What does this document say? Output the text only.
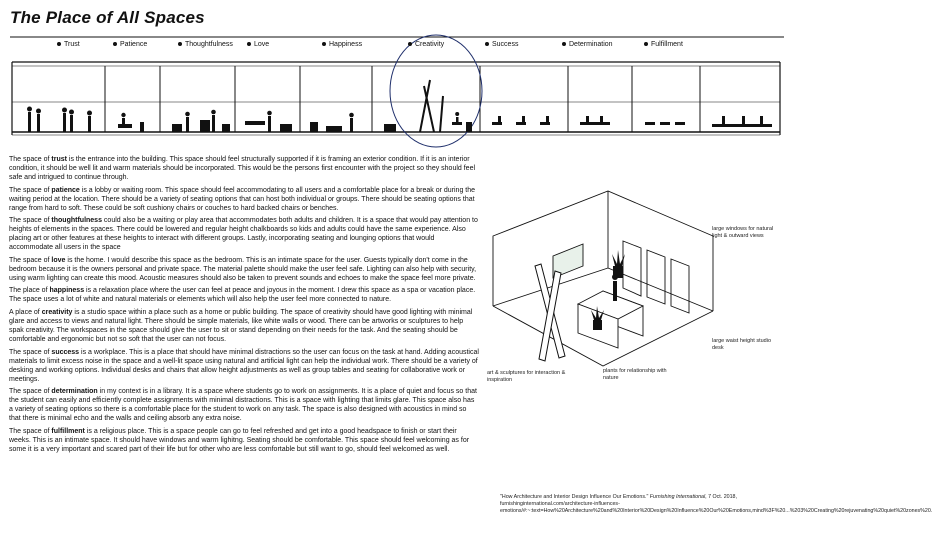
The Place of All Spaces
Trust	Patience	Thoughtfulness	Love	Happiness	Creativity	Success	Determination	Fulfillment

The space of trust is the entrance into the building. This space should feel structurally supported if it is framing an exterior condition. If it is an interior condition, it should be well lit and warm materials should be incorporated. This would be the persons first encounter with the project so they should feel safe and intrigued to continue through.

The space of patience is a lobby or waiting room. This space should feel accommodating to all users and a comfortable place for a break or during the waiting period at the location. There should be a variety of seating options that can host both individual or groups. There should be seating options that range from hard to soft. These could be soft cushiony chairs or couches to hard backed chairs or benches.

The space of thoughtfulness could also be a waiting or play area that accommodates both adults and children. It is a space that would pay attention to heights of elements in the spaces. There could be lowered and regular height chalkboards so kids and adults could have the same experience. Also placing art or other features at these heights to interact with different groups. Lastly, incorporating seating and lounging options that would accommodate all users in the space

The space of love is the home. I would describe this space as the bedroom. This is an intimate space for the user. Guests typically don't come in the bedroom because it is the owners personal and private space. The material palette should make the user feel safe. Lighting can also help with security, using warm lighting can create this mood. Acoustic measures should also be taken to prevent sounds and echoes to make the space feel more private.

The place of happiness is a relaxation place where the user can feel at peace and joyous in the moment. I drew this space as a spa or vacation place. The space uses a lot of white and natural materials or elements which will also help the user feel more connected to nature.

A place of creativity is a studio space within a place such as a home or public building. The space of creativity should have good lighting with minimal glare and access to views and natural light. There should be simple materials, like white walls or wood. There can be artworks or sculptures to help spak creativity. The workspaces in the space should give the user to sit or stand depending on their needs for the task. And the seating should be comfortable and ergonomic but not so soft that the user can not focus.

The space of success is a workplace. This is a place that should have minimal distractions so the user can focus on the task at hand. Adding acoustical materials to limit excess noise in the space and a well-lit space using natural and artificial light can help the individual work. There should be a variety of desking and working options. Individual desks and chairs that allow height adjustments as well as group tables and seating for collaborative work or meetings.

The space of determination in my context is in a library. It is a space where students go to work on assignments. It is a place of quiet and focus so that the student can easily and efficiently complete assignments with minimal distractions. This is a space with lighting that limits glare. This space also has a variety of seating options so there is a comfortable place for the student to work on any task. The space is also designed with acoustics in mind so that there is minimal echo and the walls and ceiling absorb any extra noise.

The space of fulfillment is a religious place. This is a space people can go to feel refreshed and get into a good headspace to finish or start their weeks. This is an intimate space. It should have windows and warm lighitng. Seating should be comfortable. This space should feel welcoming as for some it is a very important and scared part of their life but for other who are less comfortable but still want to go, should feel welcomed as well.

large windows for natural light & outward views
large waist height studio desk
art & sculptures for interaction & inspiration
plants for relationship with nature
"How Architecture and Interior Design Influence Our Emotions." Furnishing International, 7 Oct. 2018, furnishinginternational.com/architecture-influences-emotions/#:~:text=How%20Architecture%20and%20Interior%20Design%20Influence%20Our%20Emotions,mind%3F%20...%203%20Creating%20rejuvenating%20quiet%20zones%20.
